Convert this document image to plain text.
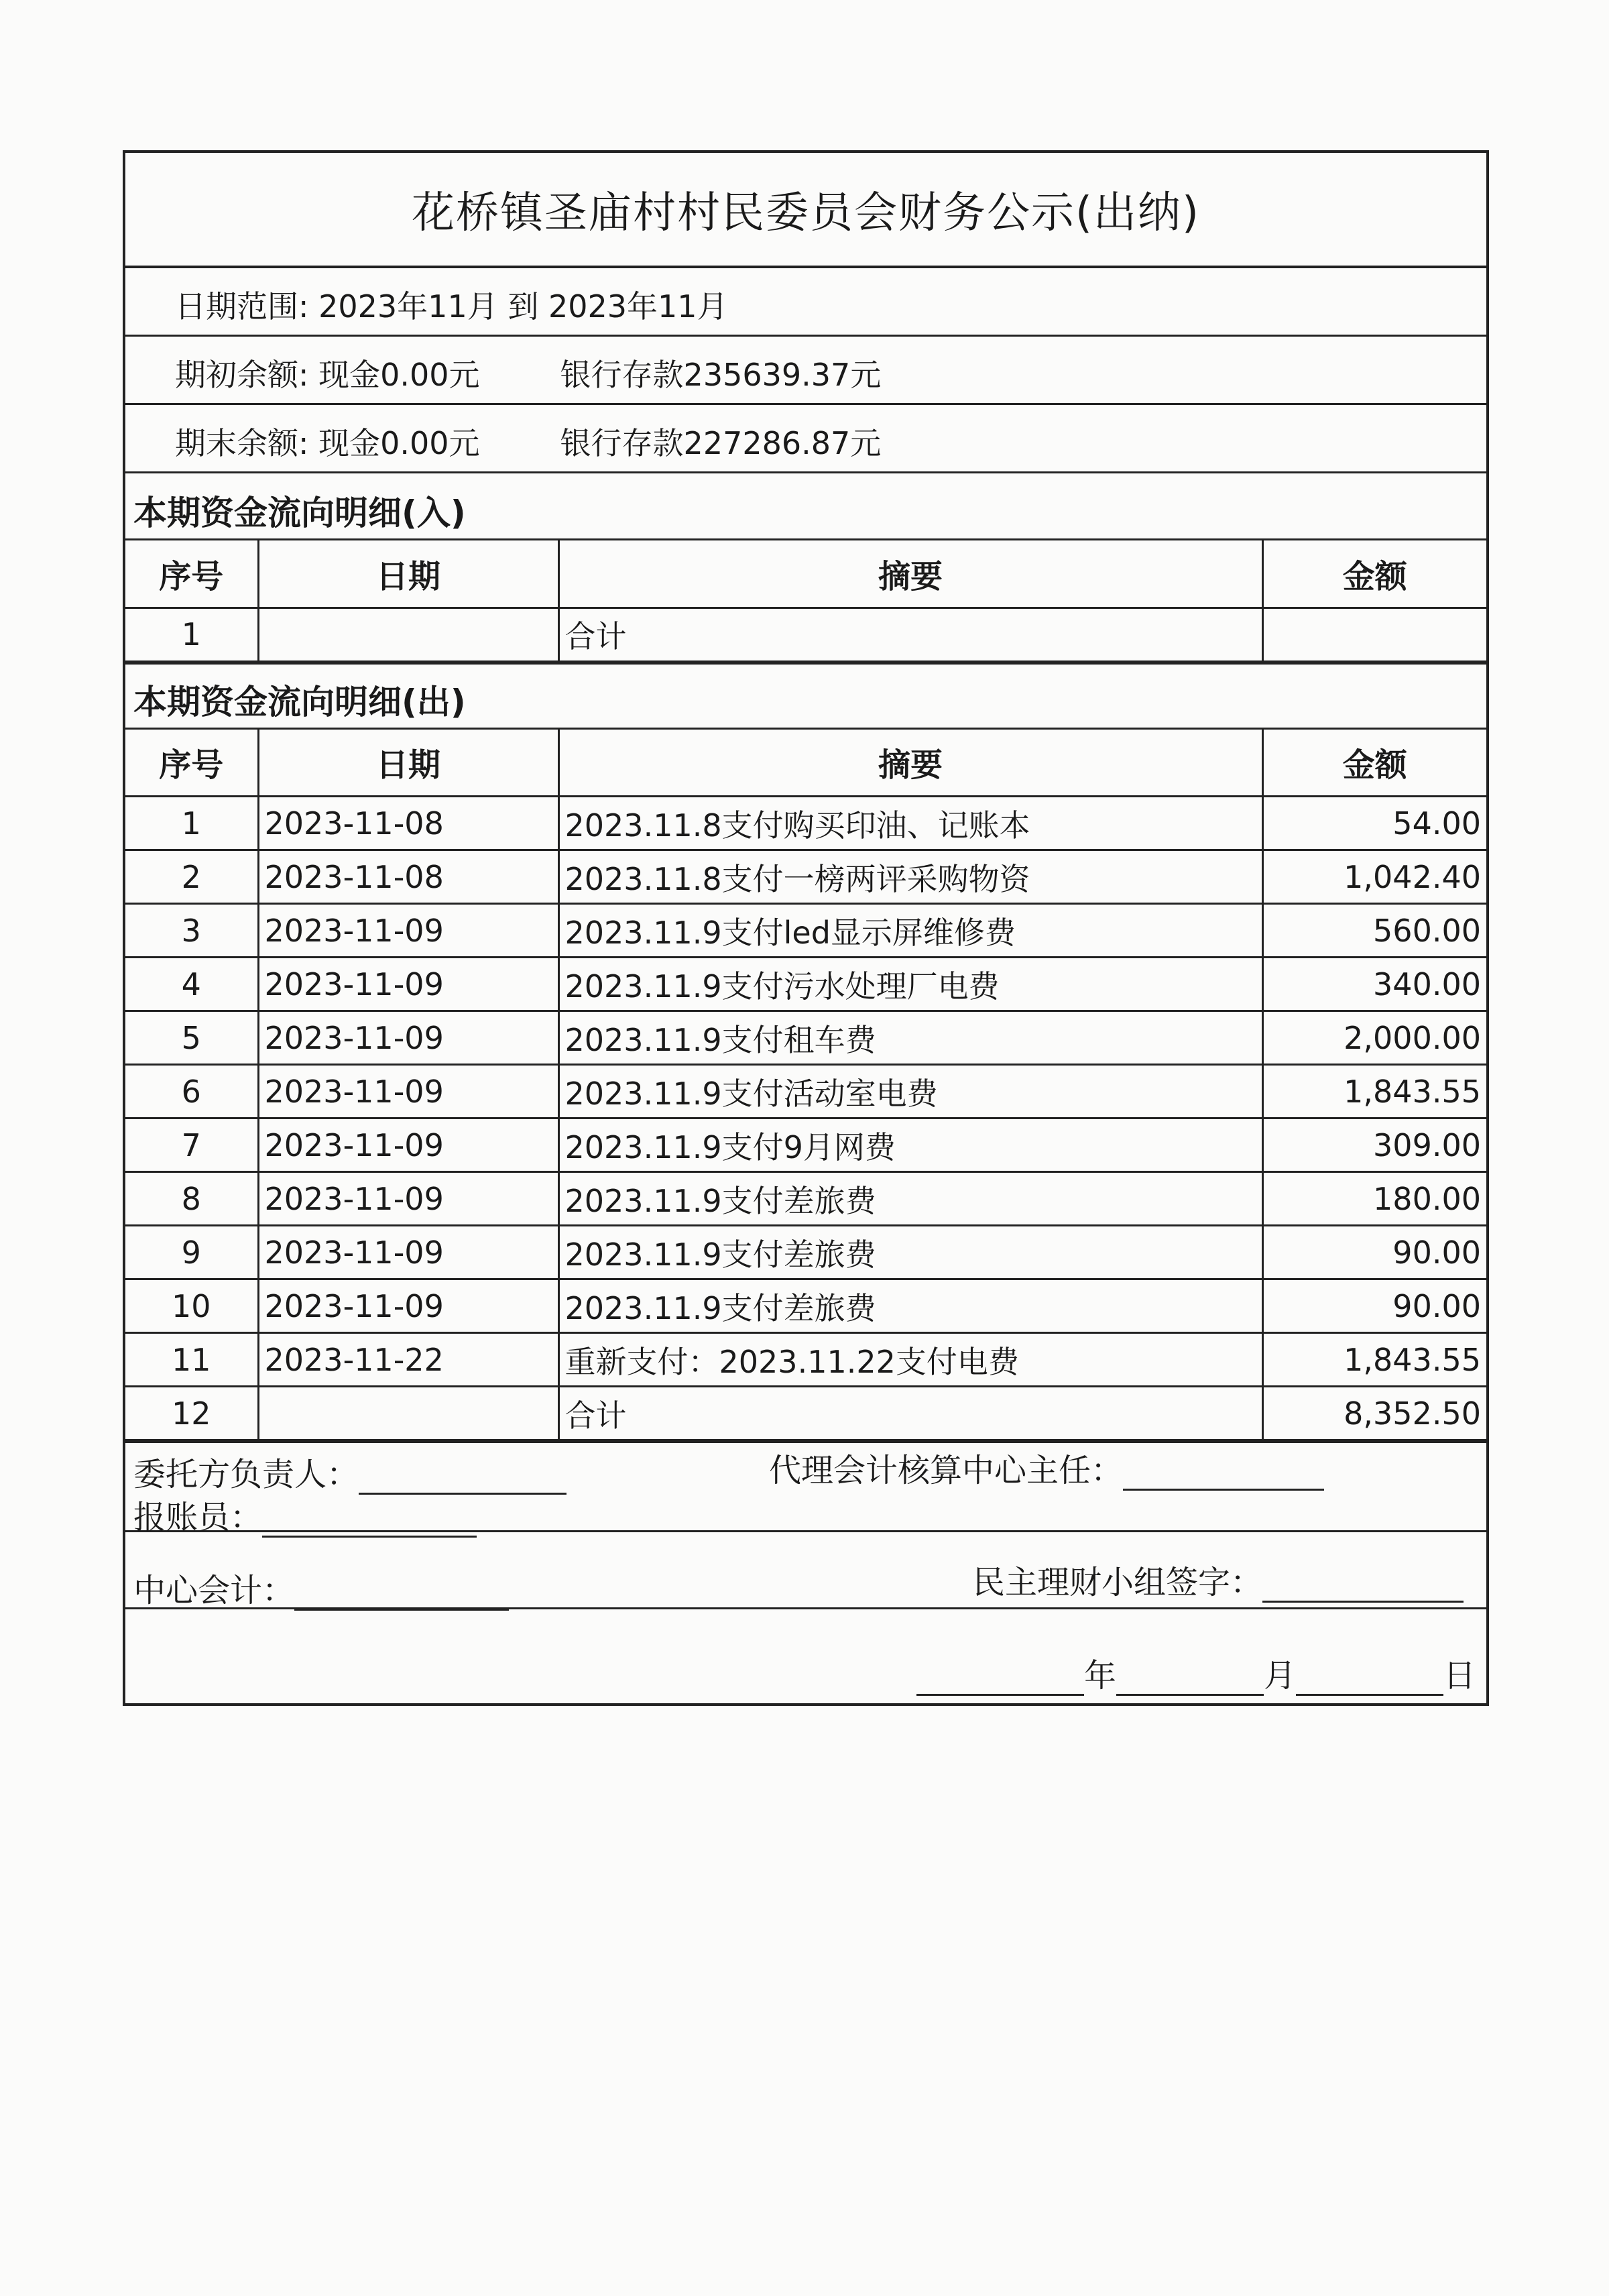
花桥镇圣庙村村民委员会财务公示(出纳)
日期范围: 2023年11月 到 2023年11月
期初余额: 现金0.00元	银行存款235639.37元
期末余额: 现金0.00元	银行存款227286.87元
本期资金流向明细(入)
序号	日期	摘要	金额
1		合计	
本期资金流向明细(出)
序号	日期	摘要	金额
1	2023-11-08	2023.11.8支付购买印油、记账本	54.00
2	2023-11-08	2023.11.8支付一榜两评采购物资	1,042.40
3	2023-11-09	2023.11.9支付led显示屏维修费	560.00
4	2023-11-09	2023.11.9支付污水处理厂电费	340.00
5	2023-11-09	2023.11.9支付租车费	2,000.00
6	2023-11-09	2023.11.9支付活动室电费	1,843.55
7	2023-11-09	2023.11.9支付9月网费	309.00
8	2023-11-09	2023.11.9支付差旅费	180.00
9	2023-11-09	2023.11.9支付差旅费	90.00
10	2023-11-09	2023.11.9支付差旅费	90.00
11	2023-11-22	重新支付：2023.11.22支付电费	1,843.55
12		合计	8,352.50
委托方负责人：	代理会计核算中心主任：
报账员：
中心会计：	民主理财小组签字：
年	月	日
